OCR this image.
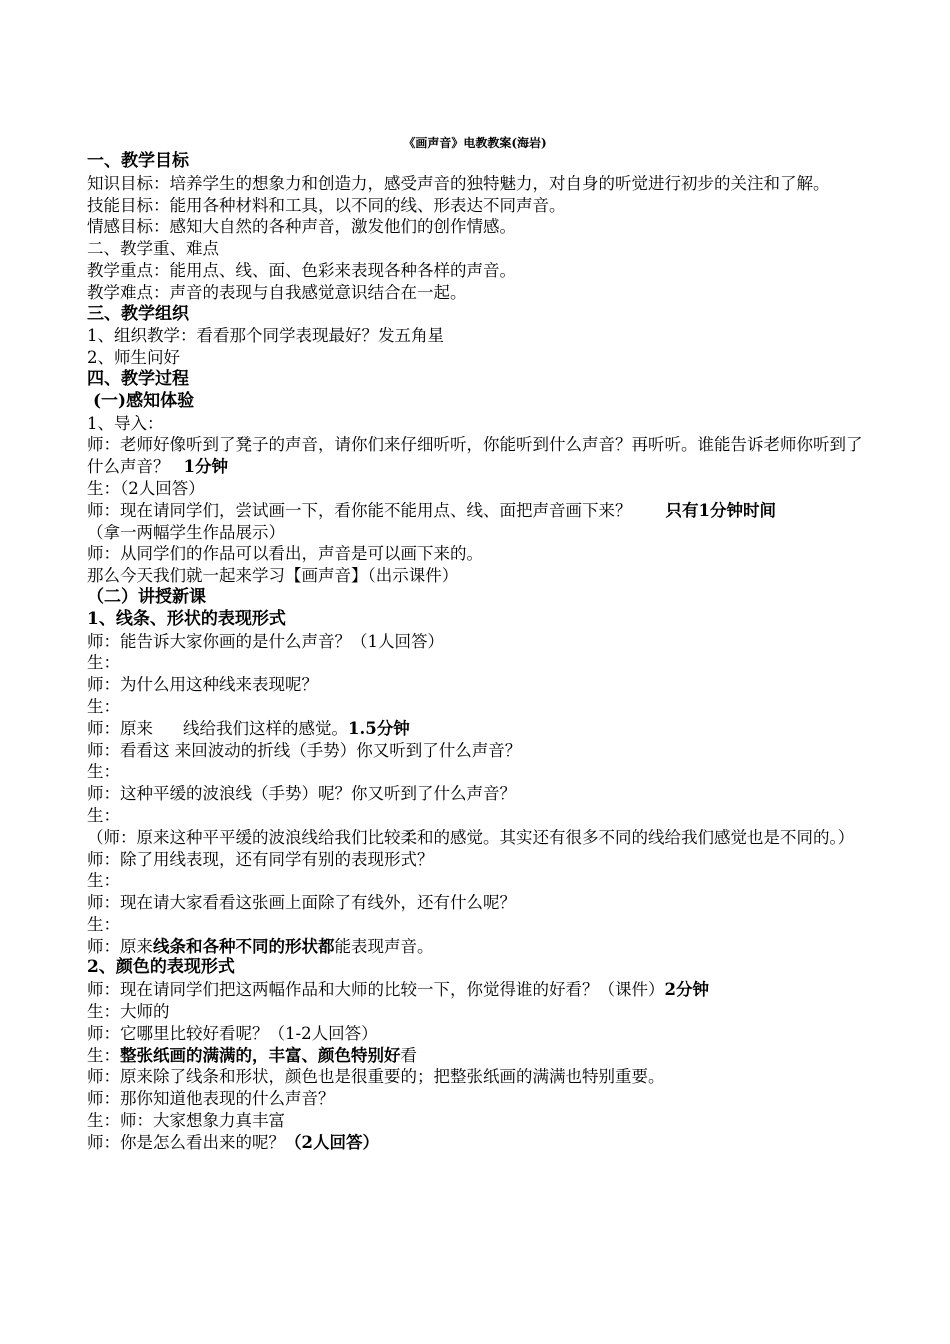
《画声音》电教教案(海岩)
一、教学目标
知识目标：培养学生的想象力和创造力，感受声音的独特魅力，对自身的听觉进行初步的关注和了解。
技能目标：能用各种材料和工具，以不同的线、形表达不同声音。
情感目标：感知大自然的各种声音，激发他们的创作情感。
二、教学重、难点
教学重点：能用点、线、面、色彩来表现各种各样的声音。
教学难点：声音的表现与自我感觉意识结合在一起。
三、教学组织
1、组织教学：看看那个同学表现最好？发五角星
2、师生问好
四、教学过程
(一)感知体验
1、导入：
师：老师好像听到了凳子的声音，请你们来仔细听听，你能听到什么声音？再听听。谁能告诉老师你听到了什么声音？ 1分钟
生：（2人回答）
师：现在请同学们，尝试画一下，看你能不能用点、线、面把声音画下来？ 只有1分钟时间
（拿一两幅学生作品展示）
师：从同学们的作品可以看出，声音是可以画下来的。
那么今天我们就一起来学习【画声音】（出示课件）
（二）讲授新课
1、线条、形状的表现形式
师：能告诉大家你画的是什么声音？（1人回答）
生：
师：为什么用这种线来表现呢？
生：
师：原来 线给我们这样的感觉。1.5分钟
师：看看这 来回波动的折线（手势）你又听到了什么声音？
生：
师：这种平缓的波浪线（手势）呢？你又听到了什么声音？
生：
（师：原来这种平平缓的波浪线给我们比较柔和的感觉。其实还有很多不同的线给我们感觉也是不同的。）
师：除了用线表现，还有同学有别的表现形式？
生：
师：现在请大家看看这张画上面除了有线外，还有什么呢？
生：
师：原来线条和各种不同的形状都能表现声音。
2、颜色的表现形式
师：现在请同学们把这两幅作品和大师的比较一下，你觉得谁的好看？（课件）2分钟
生：大师的
师：它哪里比较好看呢？（1-2人回答）
生：整张纸画的满满的，丰富、颜色特别好看
师：原来除了线条和形状，颜色也是很重要的；把整张纸画的满满也特别重要。
师：那你知道他表现的什么声音？
生：师：大家想象力真丰富
师：你是怎么看出来的呢？（2人回答）
